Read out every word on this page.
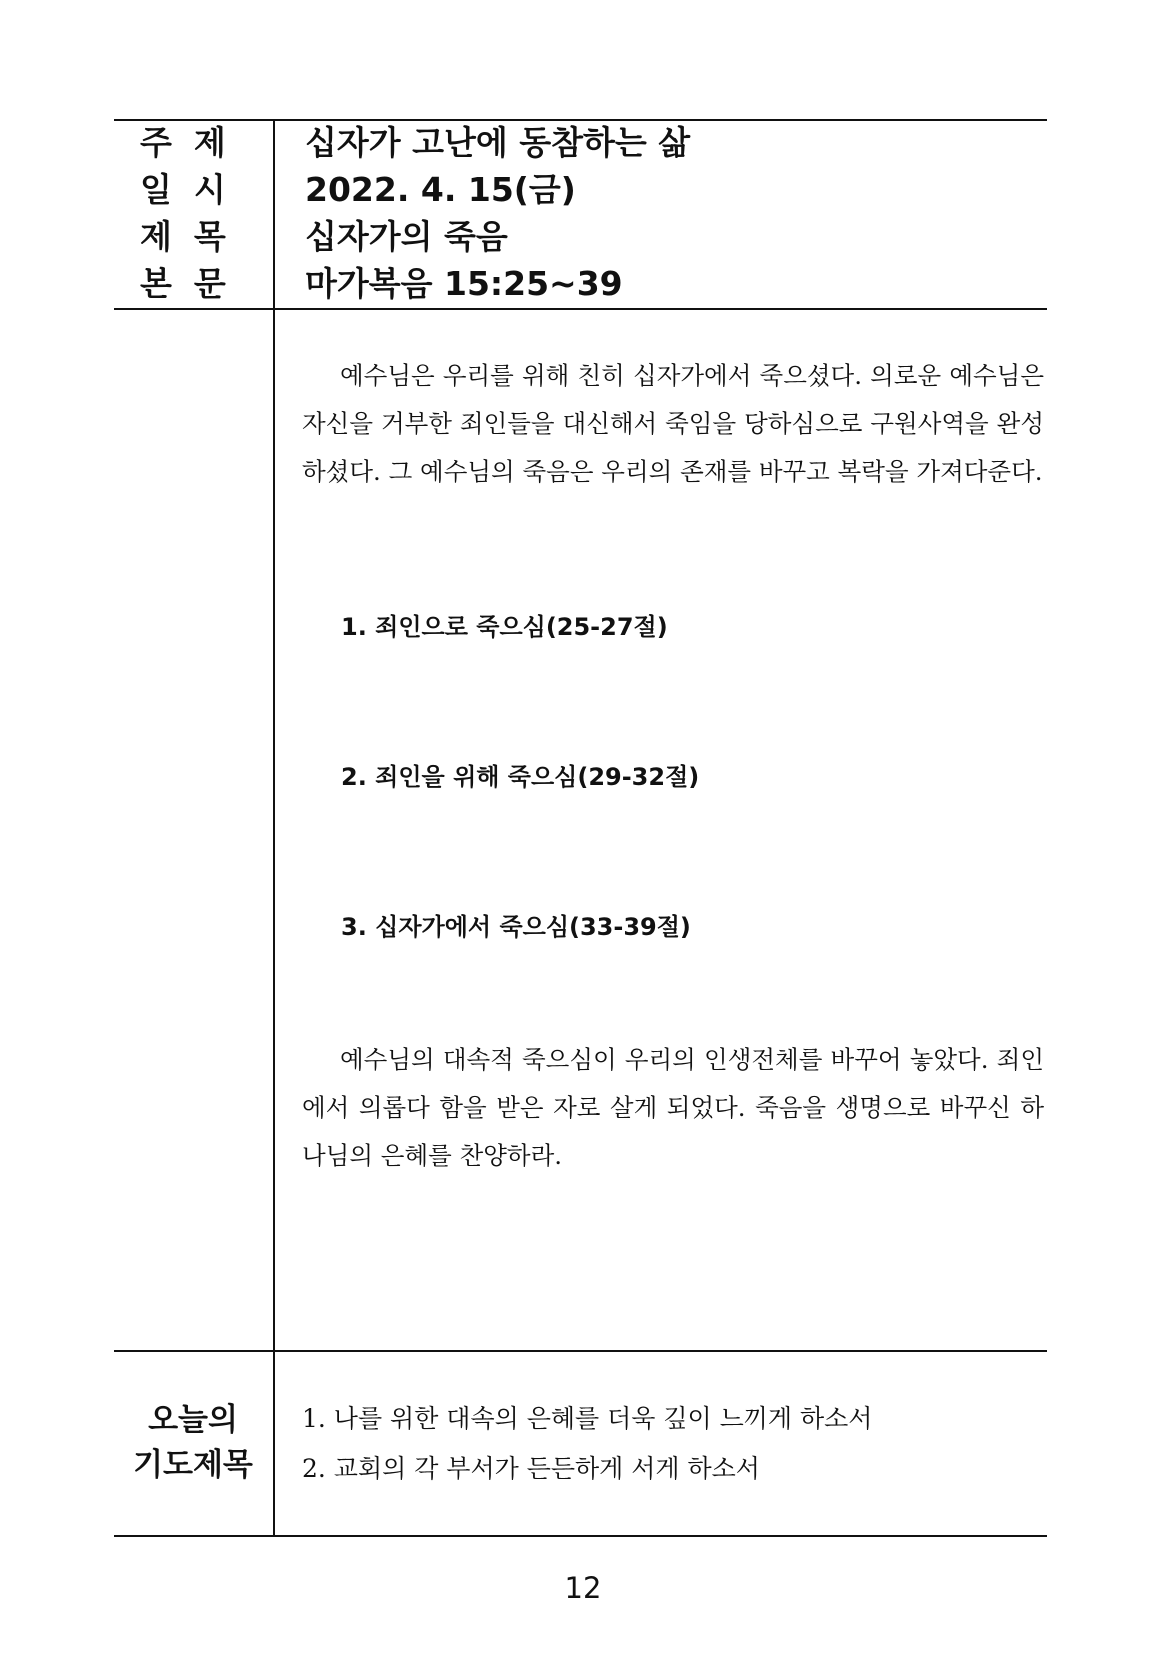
주제 십자가 고난에 동참하는 삶
일시 2022. 4. 15(금)
제목 십자가의 죽음
본문 마가복음 15:25~39

예수님은 우리를 위해 친히 십자가에서 죽으셨다. 의로운 예수님은 자신을 거부한 죄인들을 대신해서 죽임을 당하심으로 구원사역을 완성하셨다. 그 예수님의 죽음은 우리의 존재를 바꾸고 복락을 가져다준다.

1. 죄인으로 죽으심(25-27절)
2. 죄인을 위해 죽으심(29-32절)
3. 십자가에서 죽으심(33-39절)

예수님의 대속적 죽으심이 우리의 인생전체를 바꾸어 놓았다. 죄인에서 의롭다 함을 받은 자로 살게 되었다. 죽음을 생명으로 바꾸신 하나님의 은혜를 찬양하라.

오늘의
기도제목
1. 나를 위한 대속의 은혜를 더욱 깊이 느끼게 하소서
2. 교회의 각 부서가 든든하게 서게 하소서
12
